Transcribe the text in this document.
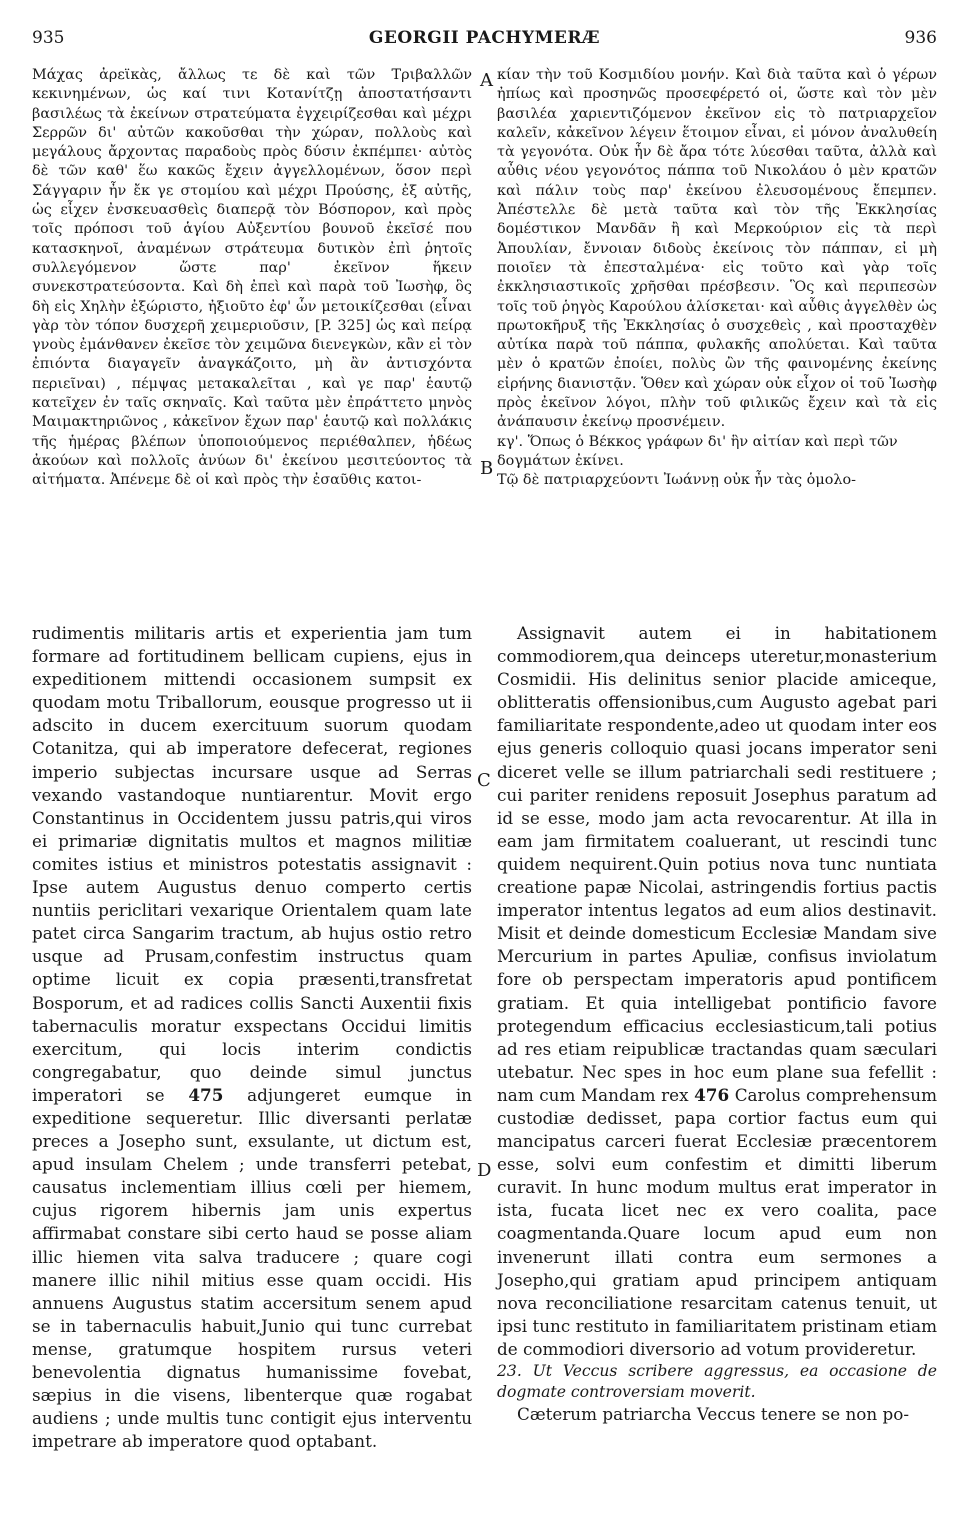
935	GEORGII PACHYMERÆ	936
A
B
C
D

Μάχας ἀρεϊκὰς, ἄλλως τε δὲ καὶ τῶν Τριβαλλῶν κεκινημένων, ὡς καί τινι Κοτανίτζῃ ἀποστατήσαντι βασιλέως τὰ ἐκείνων στρατεύματα ἐγχειρίζεσθαι καὶ μέχρι Σερρῶν δι' αὐτῶν κακοῦσθαι τὴν χώραν, πολλοὺς καὶ μεγάλους ἄρχοντας παραδοὺς πρὸς δύσιν ἐκπέμπει· αὐτὸς δὲ τῶν καθ' ἕω κακῶς ἔχειν ἀγγελλομένων, ὅσον περὶ Σάγγαριν ἦν ἔκ γε στομίου καὶ μέχρι Προύσης, ἐξ αὐτῆς, ὡς εἶχεν ἐνσκευασθεὶς διαπερᾷ τὸν Βόσπορον, καὶ πρὸς τοῖς πρόποσι τοῦ ἁγίου Αὐξεντίου βουνοῦ ἐκεῖσέ που κατασκηνοῖ, ἀναμένων στράτευμα δυτικὸν ἐπὶ ῥητοῖς συλλεγόμενον ὥστε παρ' ἐκεῖνον ἥκειν συνεκστρατεύσοντα. Καὶ δὴ ἐπεὶ καὶ παρὰ τοῦ Ἰωσὴφ, ὃς δὴ εἰς Χηλὴν ἐξώριστο, ἠξιοῦτο ἐφ' ὧν μετοικίζεσθαι (εἶναι γὰρ τὸν τόπον δυσχερῆ χειμεριοῦσιν, [P. 325] ὡς καὶ πείρᾳ γνοὺς ἐμάνθανεν ἐκεῖσε τὸν χειμῶνα διενεγκὼν, κἂν εἰ τὸν ἐπιόντα διαγαγεῖν ἀναγκάζοιτο, μὴ ἂν ἀντισχόντα περιεῖναι) , πέμψας μετακαλεῖται , καὶ γε παρ' ἑαυτῷ κατεῖχεν ἐν ταῖς σκηναῖς. Καὶ ταῦτα μὲν ἐπράττετο μηνὸς Μαιμακτηριῶνος , κἀκεῖνον ἔχων παρ' ἑαυτῷ καὶ πολλάκις τῆς ἡμέρας βλέπων ὑποποιούμενος περιέθαλπεν, ἡδέως ἀκούων καὶ πολλοῖς ἀνύων δι' ἐκείνου μεσιτεύοντος τὰ αἰτήματα. Ἀπένεμε δὲ οἱ καὶ πρὸς τὴν ἐσαῦθις κατοι-

κίαν τὴν τοῦ Κοσμιδίου μονήν. Καὶ διὰ ταῦτα καὶ ὁ γέρων ἠπίως καὶ προσηνῶς προσεφέρετό οἱ, ὥστε καὶ τὸν μὲν βασιλέα χαριεντιζόμενον ἐκεῖνον εἰς τὸ πατριαρχεῖον καλεῖν, κἀκεῖνον λέγειν ἕτοιμον εἶναι, εἰ μόνον ἀναλυθείη τὰ γεγονότα. Οὐκ ἦν δὲ ἄρα τότε λύεσθαι ταῦτα, ἀλλὰ καὶ αὖθις νέου γεγονότος πάππα τοῦ Νικολάου ὁ μὲν κρατῶν καὶ πάλιν τοὺς παρ' ἐκείνου ἐλευσομένους ἔπεμπεν. Ἀπέστελλε δὲ μετὰ ταῦτα καὶ τὸν τῆς Ἐκκλησίας δομέστικον Μανδᾶν ἢ καὶ Μερκούριον εἰς τὰ περὶ Ἀπουλίαν, ἔννοιαν διδοὺς ἐκείνοις τὸν πάππαν, εἰ μὴ ποιοῖεν τὰ ἐπεσταλμένα· εἰς τοῦτο καὶ γὰρ τοῖς ἐκκλησιαστικοῖς χρῆσθαι πρέσβεσιν. Ὃς καὶ περιπεσὼν τοῖς τοῦ ῥηγὸς Καρούλου ἁλίσκεται· καὶ αὖθις ἀγγελθὲν ὡς πρωτοκῆρυξ τῆς Ἐκκλησίας ὁ συσχεθεὶς , καὶ προσταχθὲν αὐτίκα παρὰ τοῦ πάππα, φυλακῆς απολύεται. Καὶ ταῦτα μὲν ὁ κρατῶν ἐποίει, πολὺς ὢν τῆς φαινομένης ἐκείνης εἰρήνης διανιστᾷν. Ὅθεν καὶ χώραν οὐκ εἶχον οἱ τοῦ Ἰωσὴφ πρὸς ἐκεῖνον λόγοι, πλὴν τοῦ φιλικῶς ἔχειν καὶ τὰ εἰς ἀνάπαυσιν ἐκείνῳ προσνέμειν.

κγ'. Ὅπως ὁ Βέκκος γράφων δι' ἣν αἰτίαν καὶ περὶ τῶν δογμάτων ἐκίνει.

Τῷ δὲ πατριαρχεύοντι Ἰωάννῃ οὐκ ἦν τὰς ὁμολο-

rudimentis militaris artis et experientia jam tum formare ad fortitudinem bellicam cupiens, ejus in expeditionem mittendi occasionem sumpsit ex quodam motu Triballorum, eousque progresso ut ii adscito in ducem exercituum suorum quodam Cotanitza, qui ab imperatore defecerat, regiones imperio subjectas incursare usque ad Serras vexando vastandoque nuntiarentur. Movit ergo Constantinus in Occidentem jussu patris,qui viros ei primariæ dignitatis multos et magnos militiæ comites istius et ministros potestatis assignavit : Ipse autem Augustus denuo comperto certis nuntiis periclitari vexarique Orientalem quam late patet circa Sangarim tractum, ab hujus ostio retro usque ad Prusam,confestim instructus quam optime licuit ex copia præsenti,transfretat Bosporum, et ad radices collis Sancti Auxentii fixis tabernaculis moratur exspectans Occidui limitis exercitum, qui locis interim condictis congregabatur, quo deinde simul junctus imperatori se 475 adjungeret eumque in expeditione sequeretur. Illic diversanti perlatæ preces a Josepho sunt, exsulante, ut dictum est, apud insulam Chelem ; unde transferri petebat, causatus inclementiam illius cœli per hiemem, cujus rigorem hibernis jam unis expertus affirmabat constare sibi certo haud se posse aliam illic hiemen vita salva traducere ; quare cogi manere illic nihil mitius esse quam occidi. His annuens Augustus statim accersitum senem apud se in tabernaculis habuit,Junio qui tunc currebat mense, gratumque hospitem rursus veteri benevolentia dignatus humanissime fovebat, sæpius in die visens, libenterque quæ rogabat audiens ; unde multis tunc contigit ejus interventu impetrare ab imperatore quod optabant.

Assignavit autem ei in habitationem commodiorem,qua deinceps uteretur,monasterium Cosmidii. His delinitus senior placide amiceque, oblitteratis offensionibus,cum Augusto agebat pari familiaritate respondente,adeo ut quodam inter eos ejus generis colloquio quasi jocans imperator seni diceret velle se illum patriarchali sedi restituere ; cui pariter renidens reposuit Josephus paratum ad id se esse, modo jam acta revocarentur. At illa in eam jam firmitatem coaluerant, ut rescindi tunc quidem nequirent.Quin potius nova tunc nuntiata creatione papæ Nicolai, astringendis fortius pactis imperator intentus legatos ad eum alios destinavit. Misit et deinde domesticum Ecclesiæ Mandam sive Mercurium in partes Apuliæ, confisus inviolatum fore ob perspectam imperatoris apud pontificem gratiam. Et quia intelligebat pontificio favore protegendum efficacius ecclesiasticum,tali potius ad res etiam reipublicæ tractandas quam sæculari utebatur. Nec spes in hoc eum plane sua fefellit : nam cum Mandam rex 476 Carolus comprehensum custodiæ dedisset, papa cortior factus eum qui mancipatus carceri fuerat Ecclesiæ præcentorem esse, solvi eum confestim et dimitti liberum curavit. In hunc modum multus erat imperator in ista, fucata licet nec ex vero coalita, pace coagmentanda.Quare locum apud eum non invenerunt illati contra eum sermones a Josepho,qui gratiam apud principem antiquam nova reconciliatione resarcitam catenus tenuit, ut ipsi tunc restituto in familiaritatem pristinam etiam de commodiori diversorio ad votum provideretur.

23. Ut Veccus scribere aggressus, ea occasione de dogmate controversiam moverit.

Cæterum patriarcha Veccus tenere se non po-
